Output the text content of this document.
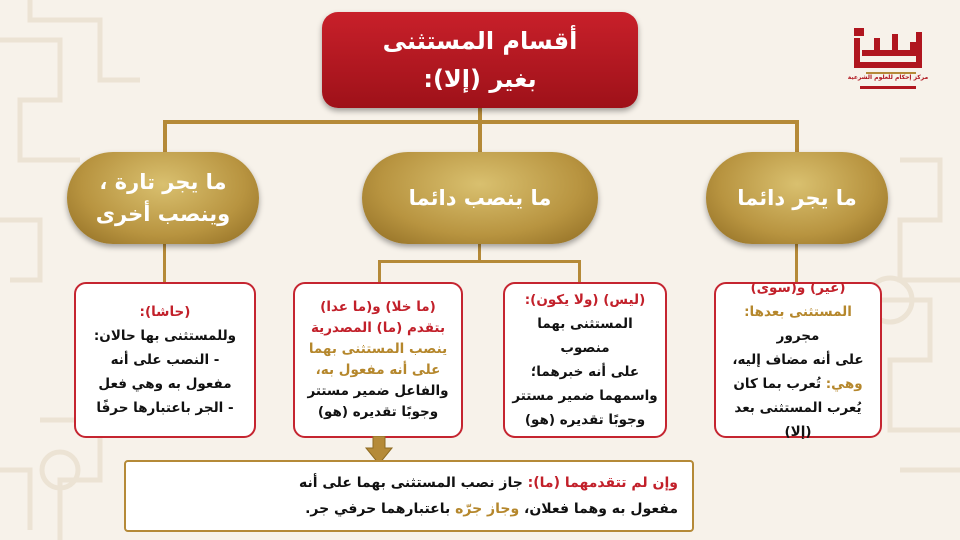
أقسام المستثنى
بغير (إلا):	مركز إحكام للعلوم الشرعية
ما يجر دائما
ما ينصب دائما
ما يجر تارة ،
وينصب أخرى
(غير) و(سوى)
المستثنى بعدها: مجرور
على أنه مضاف إليه،
وهي: تُعرب بما كان
يُعرب المستثنى بعد (إلا)
(ليس) (ولا يكون):
المستثنى بهما منصوب
على أنه خبرهما؛
واسمهما ضمير مستتر
وجوبًا تقديره (هو)
(ما خلا) و(ما عدا)
بتقدم (ما) المصدرية
ينصب المستثنى بهما
على أنه مفعول به،
والفاعل ضمير مستتر
وجوبًا تقديره (هو)
(حاشا):
وللمستثنى بها حالان:
- النصب على أنه
مفعول به وهي فعل
- الجر باعتبارها حرفًا
وإن لم تتقدمهما (ما): جاز نصب المستثنى بهما على أنه
مفعول به وهما فعلان، وجاز جرّه باعتبارهما حرفي جر.
